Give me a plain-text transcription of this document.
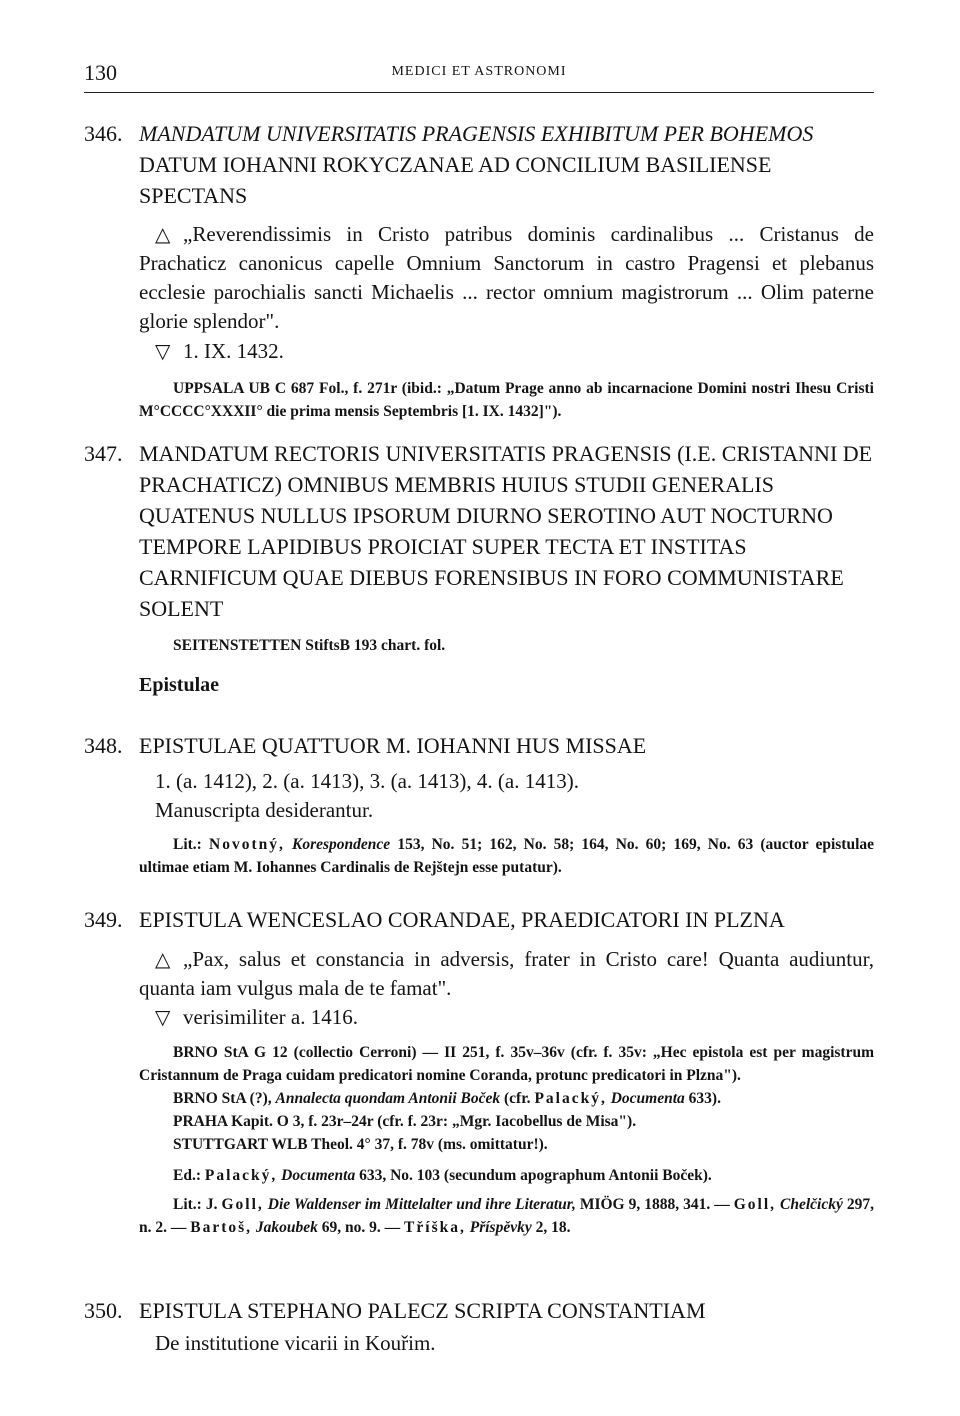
130	MEDICI ET ASTRONOMI
346. MANDATUM UNIVERSITATIS PRAGENSIS EXHIBITUM PER BOHEMOS DATUM IOHANNI ROKYCZANAE AD CONCILIUM BASILIENSE SPECTANS
△ „Reverendissimis in Cristo patribus dominis cardinalibus ... Cristanus de Prachaticz canonicus capelle Omnium Sanctorum in castro Pragensi et plebanus ecclesie parochialis sancti Michaelis ... rector omnium magistrorum ... Olim paterne glorie splendor".
▽ 1. IX. 1432.
UPPSALA UB C 687 Fol., f. 271r (ibid.: „Datum Prage anno ab incarnacione Domini nostri Ihesu Cristi M°CCCC°XXXII° die prima mensis Septembris [1. IX. 1432]").
347. MANDATUM RECTORIS UNIVERSITATIS PRAGENSIS (I.E. CRISTANNI DE PRACHATICZ) OMNIBUS MEMBRIS HUIUS STUDII GENERALIS QUATENUS NULLUS IPSORUM DIURNO SEROTINO AUT NOCTURNO TEMPORE LAPIDIBUS PROICIAT SUPER TECTA ET INSTITAS CARNIFICUM QUAE DIEBUS FORENSIBUS IN FORO COMMUNISTARE SOLENT
SEITENSTETTEN StiftsB 193 chart. fol.
Epistulae
348. EPISTULAE QUATTUOR M. IOHANNI HUS MISSAE
1. (a. 1412), 2. (a. 1413), 3. (a. 1413), 4. (a. 1413).
Manuscripta desiderantur.
Lit.: Novotný, Korespondence 153, No. 51; 162, No. 58; 164, No. 60; 169, No. 63 (auctor epistulae ultimae etiam M. Iohannes Cardinalis de Rejštejn esse putatur).
349. EPISTULA WENCESLAO CORANDAE, PRAEDICATORI IN PLZNA
△ „Pax, salus et constancia in adversis, frater in Cristo care! Quanta audiuntur, quanta iam vulgus mala de te famat".
▽ verisimiliter a. 1416.
BRNO StA G 12 (collectio Cerroni) — II 251, f. 35v–36v (cfr. f. 35v: „Hec epistola est per magistrum Cristannum de Praga cuidam predicatori nomine Coranda, protunc predicatori in Plzna").
BRNO StA (?), Annalecta quondam Antonii Boček (cfr. Palacký, Documenta 633).
PRAHA Kapit. O 3, f. 23r–24r (cfr. f. 23r: „Mgr. Iacobellus de Misa").
STUTTGART WLB Theol. 4° 37, f. 78v (ms. omittatur!).
Ed.: Palacký, Documenta 633, No. 103 (secundum apographum Antonii Boček).
Lit.: J. Goll, Die Waldenser im Mittelalter und ihre Literatur, MIÖG 9, 1888, 341. — Goll, Chelčický 297, n. 2. — Bartoš, Jakoubek 69, no. 9. — Tříška, Příspěvky 2, 18.
350. EPISTULA STEPHANO PALECZ SCRIPTA CONSTANTIAM
De institutione vicarii in Kouřim.
